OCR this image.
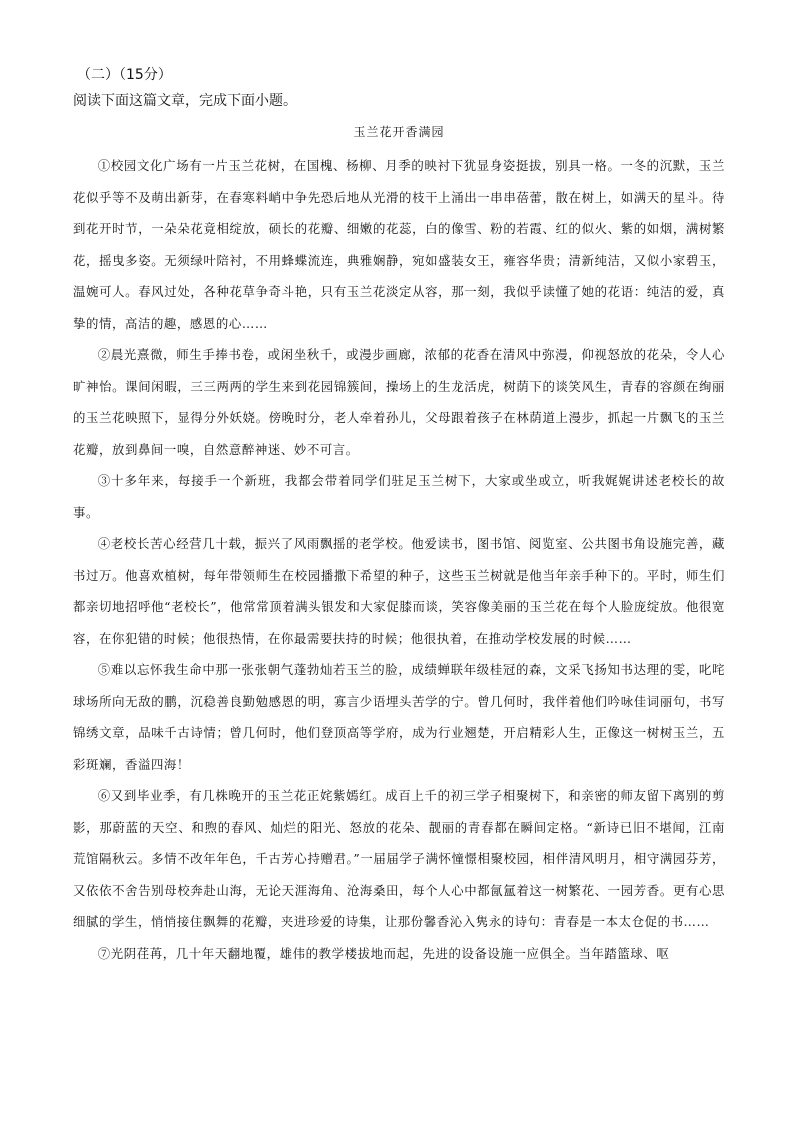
（二）（15分）
阅读下面这篇文章，完成下面小题。
玉兰花开香满园

①校园文化广场有一片玉兰花树，在国槐、杨柳、月季的映衬下犹显身姿挺拔，别具一格。一冬的沉默，玉兰花似乎等不及萌出新芽，在春寒料峭中争先恐后地从光滑的枝干上涌出一串串蓓蕾，散在树上，如满天的星斗。待到花开时节，一朵朵花竟相绽放，硕长的花瓣、细嫩的花蕊，白的像雪、粉的若霞、红的似火、紫的如烟，满树繁花，摇曳多姿。无须绿叶陪衬，不用蜂蝶流连，典雅娴静，宛如盛装女王，雍容华贵；清新纯洁，又似小家碧玉，温婉可人。春风过处，各种花草争奇斗艳，只有玉兰花淡定从容，那一刻，我似乎读懂了她的花语：纯洁的爱，真挚的情，高洁的趣，感恩的心……

②晨光熹微，师生手捧书卷，或闲坐秋千，或漫步画廊，浓郁的花香在清风中弥漫，仰视怒放的花朵，令人心旷神怡。课间闲暇，三三两两的学生来到花园锦簇间，操场上的生龙活虎，树荫下的谈笑风生，青春的容颜在绚丽的玉兰花映照下，显得分外妖娆。傍晚时分，老人牵着孙儿，父母跟着孩子在林荫道上漫步，抓起一片飘飞的玉兰花瓣，放到鼻间一嗅，自然意醉神迷、妙不可言。

③十多年来，每接手一个新班，我都会带着同学们驻足玉兰树下，大家或坐或立，听我娓娓讲述老校长的故事。

④老校长苦心经营几十载，振兴了风雨飘摇的老学校。他爱读书，图书馆、阅览室、公共图书角设施完善，藏书过万。他喜欢植树，每年带领师生在校园播撒下希望的种子，这些玉兰树就是他当年亲手种下的。平时，师生们都亲切地招呼他“老校长”，他常常顶着满头银发和大家促膝而谈，笑容像美丽的玉兰花在每个人脸庞绽放。他很宽容，在你犯错的时候；他很热情，在你最需要扶持的时候；他很执着，在推动学校发展的时候……

⑤难以忘怀我生命中那一张张朝气蓬勃灿若玉兰的脸，成绩蝉联年级桂冠的森，文采飞扬知书达理的雯，叱咤球场所向无敌的鹏，沉稳善良勤勉感恩的明，寡言少语埋头苦学的宁。曾几何时，我伴着他们吟咏佳词丽句，书写锦绣文章，品味千古诗情；曾几何时，他们登顶高等学府，成为行业翘楚，开启精彩人生，正像这一树树玉兰，五彩斑斓，香溢四海！

⑥又到毕业季，有几株晚开的玉兰花正姹紫嫣红。成百上千的初三学子相聚树下，和亲密的师友留下离别的剪影，那蔚蓝的天空、和煦的春风、灿烂的阳光、怒放的花朵、靓丽的青春都在瞬间定格。“新诗已旧不堪闻，江南荒馆隔秋云。多情不改年年色，千古芳心持赠君。”一届届学子满怀憧憬相聚校园，相伴清风明月，相守满园芬芳，又依依不舍告别母校奔赴山海，无论天涯海角、沧海桑田，每个人心中都氤氲着这一树繁花、一园芳香。更有心思细腻的学生，悄悄接住飘舞的花瓣，夹进珍爱的诗集，让那份馨香沁入隽永的诗句：青春是一本太仓促的书……

⑦光阴荏苒，几十年天翻地覆，雄伟的教学楼拔地而起，先进的设备设施一应俱全。当年踏篮球、呕
